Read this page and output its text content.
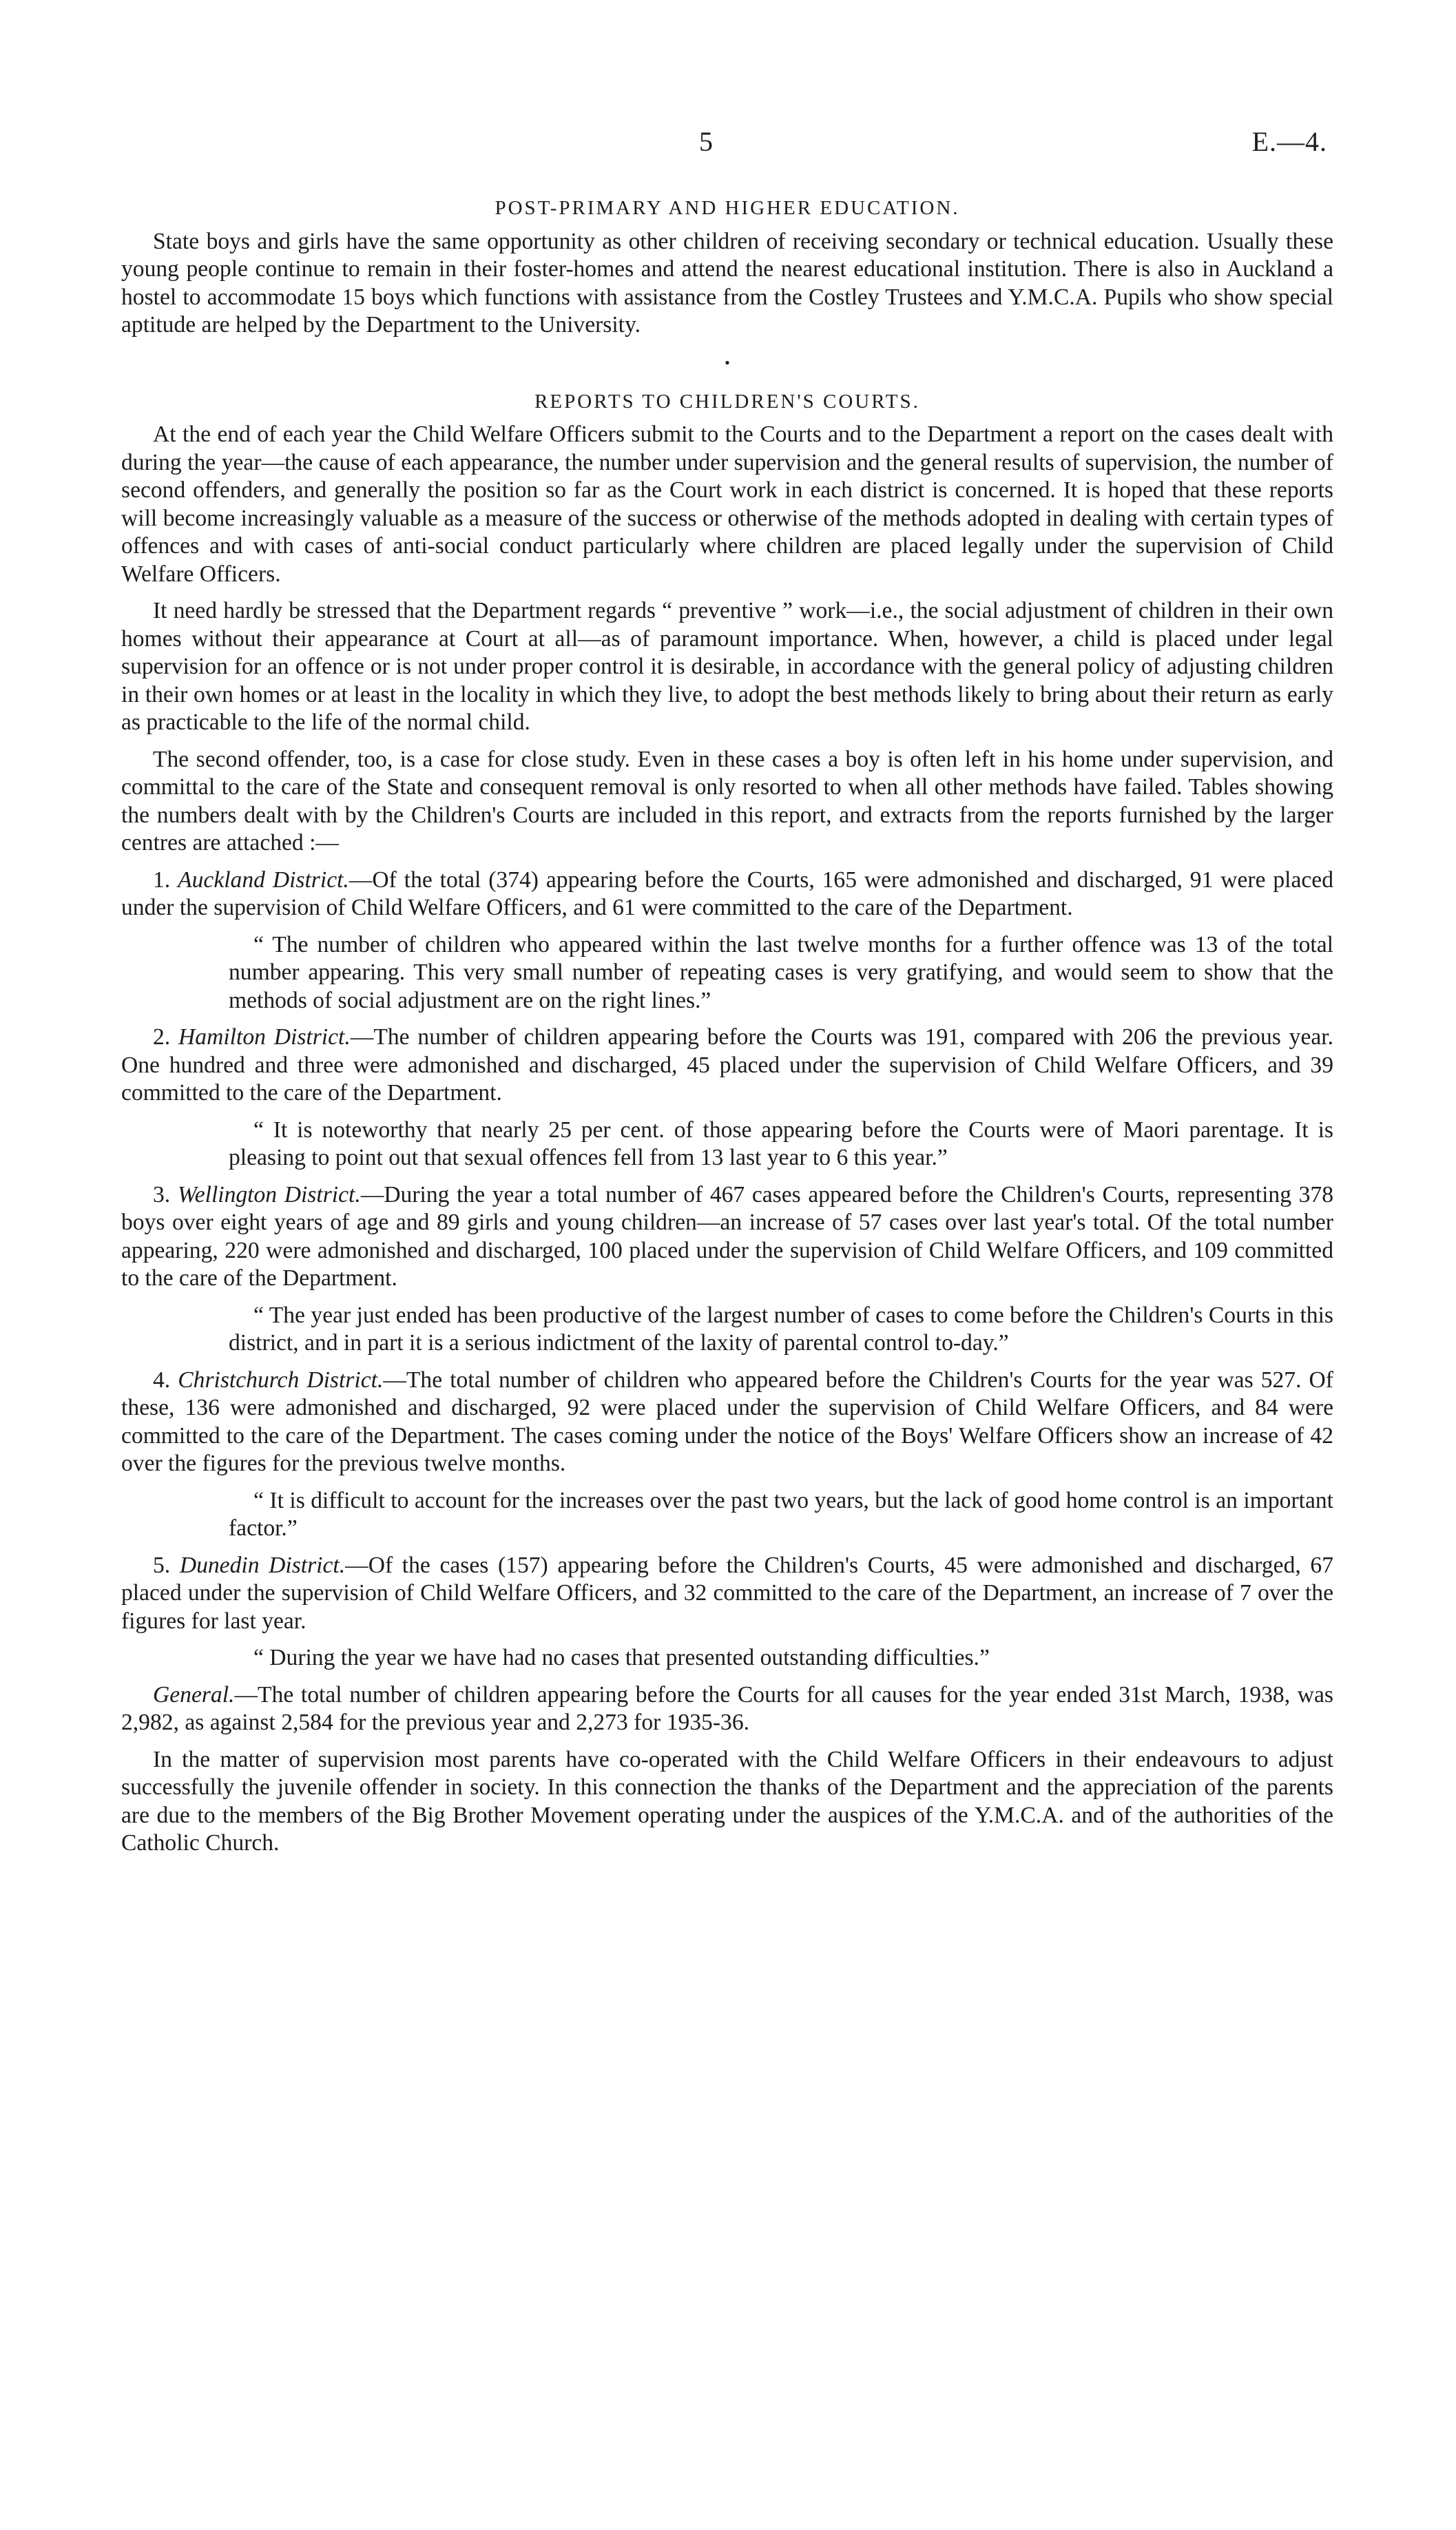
5	E.—4.
POST-PRIMARY AND HIGHER EDUCATION.

State boys and girls have the same opportunity as other children of receiving secondary or technical education. Usually these young people continue to remain in their foster-homes and attend the nearest educational institution. There is also in Auckland a hostel to accommodate 15 boys which functions with assistance from the Costley Trustees and Y.M.C.A. Pupils who show special aptitude are helped by the Department to the University.

•
REPORTS TO CHILDREN'S COURTS.

At the end of each year the Child Welfare Officers submit to the Courts and to the Department a report on the cases dealt with during the year—the cause of each appearance, the number under supervision and the general results of supervision, the number of second offenders, and generally the position so far as the Court work in each district is concerned. It is hoped that these reports will become increasingly valuable as a measure of the success or otherwise of the methods adopted in dealing with certain types of offences and with cases of anti-social conduct particularly where children are placed legally under the supervision of Child Welfare Officers.

It need hardly be stressed that the Department regards “ preventive ” work—i.e., the social adjustment of children in their own homes without their appearance at Court at all—as of paramount importance. When, however, a child is placed under legal supervision for an offence or is not under proper control it is desirable, in accordance with the general policy of adjusting children in their own homes or at least in the locality in which they live, to adopt the best methods likely to bring about their return as early as practicable to the life of the normal child.

The second offender, too, is a case for close study. Even in these cases a boy is often left in his home under supervision, and committal to the care of the State and consequent removal is only resorted to when all other methods have failed. Tables showing the numbers dealt with by the Children's Courts are included in this report, and extracts from the reports furnished by the larger centres are attached :—

1. Auckland District.—Of the total (374) appearing before the Courts, 165 were admonished and discharged, 91 were placed under the supervision of Child Welfare Officers, and 61 were committed to the care of the Department.

“ The number of children who appeared within the last twelve months for a further offence was 13 of the total number appearing. This very small number of repeating cases is very gratifying, and would seem to show that the methods of social adjustment are on the right lines.”

2. Hamilton District.—The number of children appearing before the Courts was 191, compared with 206 the previous year. One hundred and three were admonished and discharged, 45 placed under the supervision of Child Welfare Officers, and 39 committed to the care of the Department.

“ It is noteworthy that nearly 25 per cent. of those appearing before the Courts were of Maori parentage. It is pleasing to point out that sexual offences fell from 13 last year to 6 this year.”

3. Wellington District.—During the year a total number of 467 cases appeared before the Children's Courts, representing 378 boys over eight years of age and 89 girls and young children—an increase of 57 cases over last year's total. Of the total number appearing, 220 were admonished and discharged, 100 placed under the supervision of Child Welfare Officers, and 109 committed to the care of the Department.

“ The year just ended has been productive of the largest number of cases to come before the Children's Courts in this district, and in part it is a serious indictment of the laxity of parental control to-day.”

4. Christchurch District.—The total number of children who appeared before the Children's Courts for the year was 527. Of these, 136 were admonished and discharged, 92 were placed under the supervision of Child Welfare Officers, and 84 were committed to the care of the Department. The cases coming under the notice of the Boys' Welfare Officers show an increase of 42 over the figures for the previous twelve months.

“ It is difficult to account for the increases over the past two years, but the lack of good home control is an important factor.”

5. Dunedin District.—Of the cases (157) appearing before the Children's Courts, 45 were admonished and discharged, 67 placed under the supervision of Child Welfare Officers, and 32 committed to the care of the Department, an increase of 7 over the figures for last year.

“ During the year we have had no cases that presented outstanding difficulties.”

General.—The total number of children appearing before the Courts for all causes for the year ended 31st March, 1938, was 2,982, as against 2,584 for the previous year and 2,273 for 1935-36.

In the matter of supervision most parents have co-operated with the Child Welfare Officers in their endeavours to adjust successfully the juvenile offender in society. In this connection the thanks of the Department and the appreciation of the parents are due to the members of the Big Brother Movement operating under the auspices of the Y.M.C.A. and of the authorities of the Catholic Church.
